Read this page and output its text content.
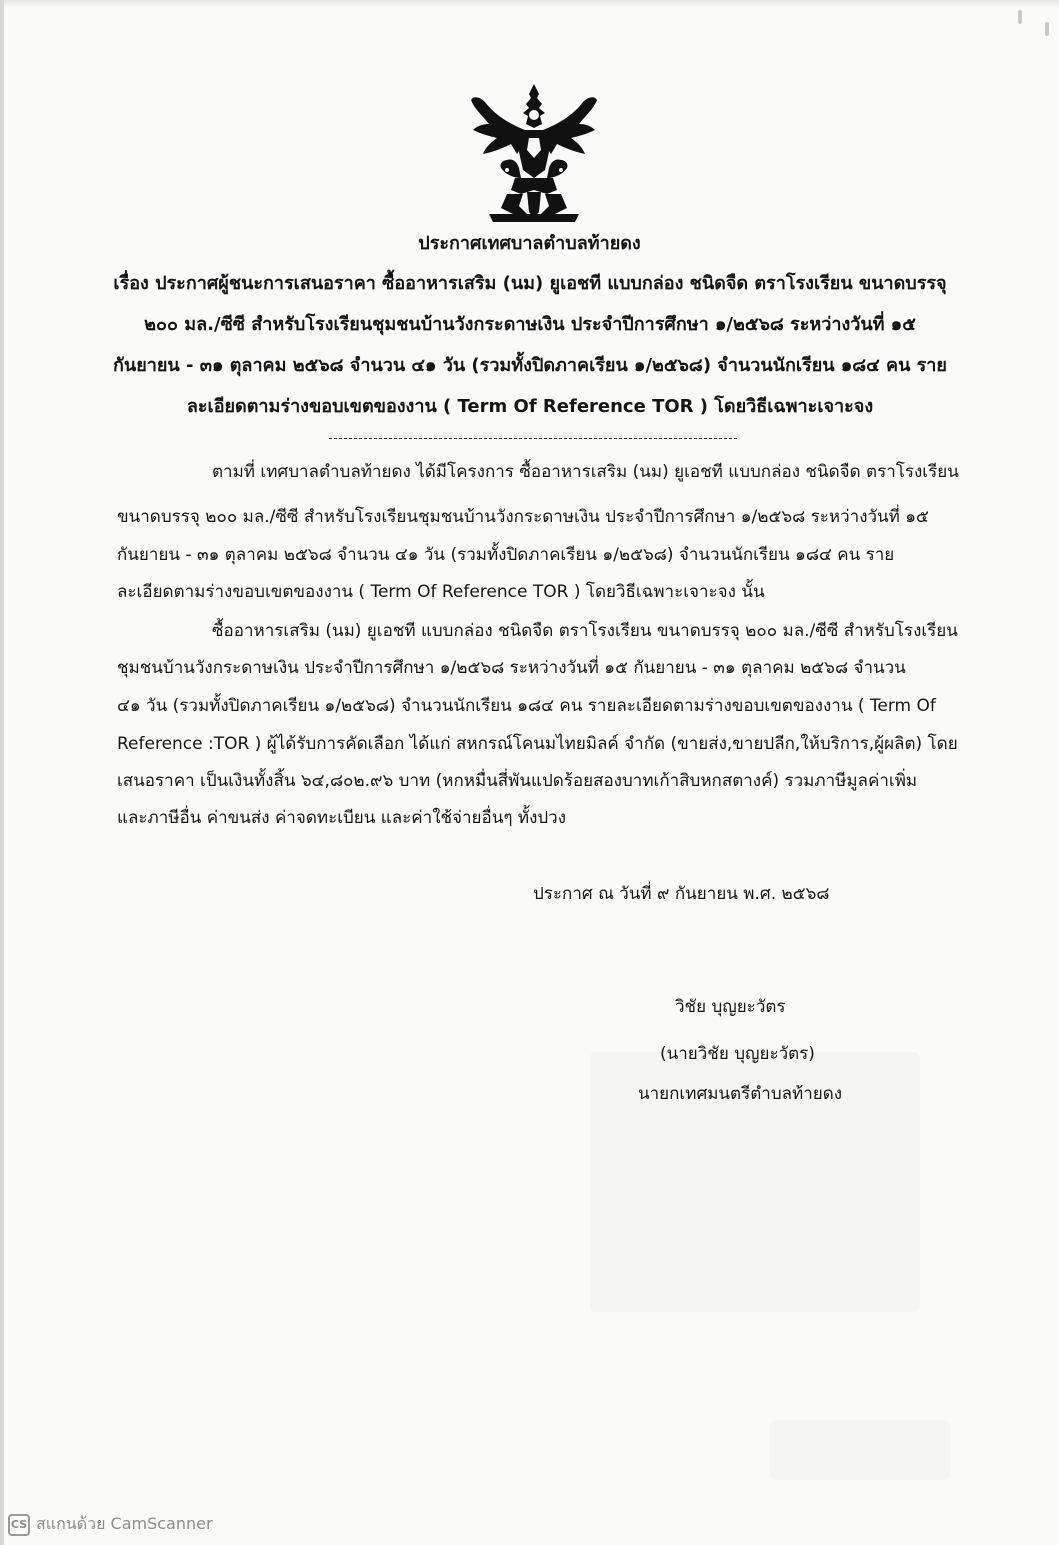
ประกาศเทศบาลตำบลท้ายดง
เรื่อง ประกาศผู้ชนะการเสนอราคา ซื้ออาหารเสริม (นม) ยูเอชที แบบกล่อง ชนิดจืด ตราโรงเรียน ขนาดบรรจุ
๒๐๐ มล./ซีซี สำหรับโรงเรียนชุมชนบ้านวังกระดาษเงิน ประจำปีการศึกษา ๑/๒๕๖๘ ระหว่างวันที่ ๑๕
กันยายน - ๓๑ ตุลาคม ๒๕๖๘ จำนวน ๔๑ วัน (รวมทั้งปิดภาคเรียน ๑/๒๕๖๘) จำนวนนักเรียน ๑๘๔ คน ราย
ละเอียดตามร่างขอบเขตของงาน ( Term Of Reference TOR ) โดยวิธีเฉพาะเจาะจง
ตามที่ เทศบาลตำบลท้ายดง ได้มีโครงการ ซื้ออาหารเสริม (นม) ยูเอชที แบบกล่อง ชนิดจืด ตราโรงเรียน
ขนาดบรรจุ ๒๐๐ มล./ซีซี สำหรับโรงเรียนชุมชนบ้านวังกระดาษเงิน ประจำปีการศึกษา ๑/๒๕๖๘ ระหว่างวันที่ ๑๕
กันยายน - ๓๑ ตุลาคม ๒๕๖๘ จำนวน ๔๑ วัน (รวมทั้งปิดภาคเรียน ๑/๒๕๖๘) จำนวนนักเรียน ๑๘๔ คน ราย
ละเอียดตามร่างขอบเขตของงาน ( Term Of Reference TOR ) โดยวิธีเฉพาะเจาะจง นั้น
ซื้ออาหารเสริม (นม) ยูเอชที แบบกล่อง ชนิดจืด ตราโรงเรียน ขนาดบรรจุ ๒๐๐ มล./ซีซี สำหรับโรงเรียน
ชุมชนบ้านวังกระดาษเงิน ประจำปีการศึกษา ๑/๒๕๖๘ ระหว่างวันที่ ๑๕ กันยายน - ๓๑ ตุลาคม ๒๕๖๘ จำนวน
๔๑ วัน (รวมทั้งปิดภาคเรียน ๑/๒๕๖๘) จำนวนนักเรียน ๑๘๔ คน รายละเอียดตามร่างขอบเขตของงาน ( Term Of
Reference :TOR ) ผู้ได้รับการคัดเลือก ได้แก่ สหกรณ์โคนมไทยมิลค์ จำกัด (ขายส่ง,ขายปลีก,ให้บริการ,ผู้ผลิต) โดย
เสนอราคา เป็นเงินทั้งสิ้น ๖๔,๘๐๒.๙๖ บาท (หกหมื่นสี่พันแปดร้อยสองบาทเก้าสิบหกสตางค์) รวมภาษีมูลค่าเพิ่ม
และภาษีอื่น ค่าขนส่ง ค่าจดทะเบียน และค่าใช้จ่ายอื่นๆ ทั้งปวง
ประกาศ ณ วันที่ ๙ กันยายน พ.ศ. ๒๕๖๘
วิชัย บุญยะวัตร
(นายวิชัย บุญยะวัตร)
นายกเทศมนตรีตำบลท้ายดง
CS สแกนด้วย CamScanner
